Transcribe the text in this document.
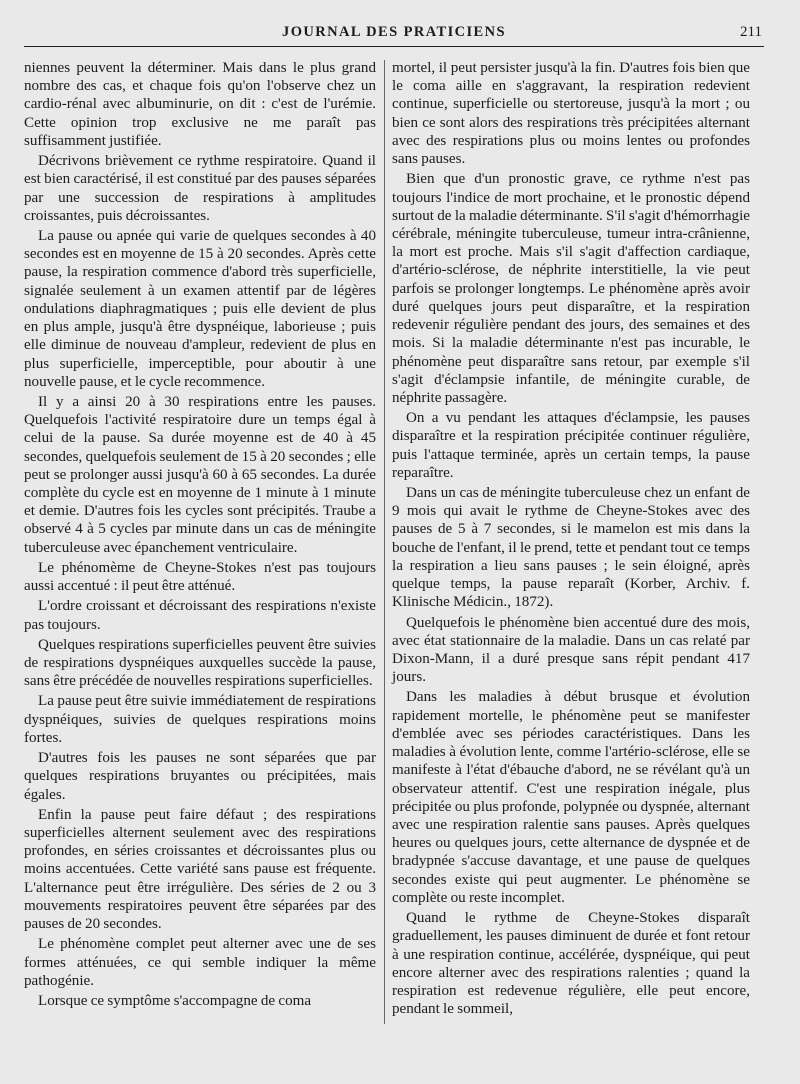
JOURNAL DES PRATICIENS	211

niennes peuvent la déterminer. Mais dans le plus grand nombre des cas, et chaque fois qu'on l'observe chez un cardio-rénal avec albuminurie, on dit : c'est de l'urémie. Cette opinion trop exclusive ne me paraît pas suffisamment justifiée.

Décrivons brièvement ce rythme respiratoire. Quand il est bien caractérisé, il est constitué par des pauses séparées par une succession de respirations à amplitudes croissantes, puis décroissantes.

La pause ou apnée qui varie de quelques secondes à 40 secondes est en moyenne de 15 à 20 secondes. Après cette pause, la respiration commence d'abord très superficielle, signalée seulement à un examen attentif par de légères ondulations diaphragmatiques ; puis elle devient de plus en plus ample, jusqu'à être dyspnéique, laborieuse ; puis elle diminue de nouveau d'ampleur, redevient de plus en plus superficielle, imperceptible, pour aboutir à une nouvelle pause, et le cycle recommence.

Il y a ainsi 20 à 30 respirations entre les pauses. Quelquefois l'activité respiratoire dure un temps égal à celui de la pause. Sa durée moyenne est de 40 à 45 secondes, quelquefois seulement de 15 à 20 secondes ; elle peut se prolonger aussi jusqu'à 60 à 65 secondes. La durée complète du cycle est en moyenne de 1 minute à 1 minute et demie. D'autres fois les cycles sont précipités. Traube a observé 4 à 5 cycles par minute dans un cas de méningite tuberculeuse avec épanchement ventriculaire.

Le phénomème de Cheyne-Stokes n'est pas toujours aussi accentué : il peut être atténué.

L'ordre croissant et décroissant des respirations n'existe pas toujours.

Quelques respirations superficielles peuvent être suivies de respirations dyspnéiques auxquelles succède la pause, sans être précédée de nouvelles respirations superficielles.

La pause peut être suivie immédiatement de respirations dyspnéiques, suivies de quelques respirations moins fortes.

D'autres fois les pauses ne sont séparées que par quelques respirations bruyantes ou précipitées, mais égales.

Enfin la pause peut faire défaut ; des respirations superficielles alternent seulement avec des respirations profondes, en séries croissantes et décroissantes plus ou moins accentuées. Cette variété sans pause est fréquente. L'alternance peut être irrégulière. Des séries de 2 ou 3 mouvements respiratoires peuvent être séparées par des pauses de 20 secondes.

Le phénomène complet peut alterner avec une de ses formes atténuées, ce qui semble indiquer la même pathogénie.

Lorsque ce symptôme s'accompagne de coma

mortel, il peut persister jusqu'à la fin. D'autres fois bien que le coma aille en s'aggravant, la respiration redevient continue, superficielle ou stertoreuse, jusqu'à la mort ; ou bien ce sont alors des respirations très précipitées alternant avec des respirations plus ou moins lentes ou profondes sans pauses.

Bien que d'un pronostic grave, ce rythme n'est pas toujours l'indice de mort prochaine, et le pronostic dépend surtout de la maladie déterminante. S'il s'agit d'hémorrhagie cérébrale, méningite tuberculeuse, tumeur intra-crânienne, la mort est proche. Mais s'il s'agit d'affection cardiaque, d'artério-sclérose, de néphrite interstitielle, la vie peut parfois se prolonger longtemps. Le phénomène après avoir duré quelques jours peut disparaître, et la respiration redevenir régulière pendant des jours, des semaines et des mois. Si la maladie déterminante n'est pas incurable, le phénomène peut disparaître sans retour, par exemple s'il s'agit d'éclampsie infantile, de méningite curable, de néphrite passagère.

On a vu pendant les attaques d'éclampsie, les pauses disparaître et la respiration précipitée continuer régulière, puis l'attaque terminée, après un certain temps, la pause reparaître.

Dans un cas de méningite tuberculeuse chez un enfant de 9 mois qui avait le rythme de Cheyne-Stokes avec des pauses de 5 à 7 secondes, si le mamelon est mis dans la bouche de l'enfant, il le prend, tette et pendant tout ce temps la respiration a lieu sans pauses ; le sein éloigné, après quelque temps, la pause reparaît (Korber, Archiv. f. Klinische Médicin., 1872).

Quelquefois le phénomène bien accentué dure des mois, avec état stationnaire de la maladie. Dans un cas relaté par Dixon-Mann, il a duré presque sans répit pendant 417 jours.

Dans les maladies à début brusque et évolution rapidement mortelle, le phénomène peut se manifester d'emblée avec ses périodes caractéristiques. Dans les maladies à évolution lente, comme l'artério-sclérose, elle se manifeste à l'état d'ébauche d'abord, ne se révélant qu'à un observateur attentif. C'est une respiration inégale, plus précipitée ou plus profonde, polypnée ou dyspnée, alternant avec une respiration ralentie sans pauses. Après quelques heures ou quelques jours, cette alternance de dyspnée et de bradypnée s'accuse davantage, et une pause de quelques secondes existe qui peut augmenter. Le phénomène se complète ou reste incomplet.

Quand le rythme de Cheyne-Stokes disparaît graduellement, les pauses diminuent de durée et font retour à une respiration continue, accélérée, dyspnéique, qui peut encore alterner avec des respirations ralenties ; quand la respiration est redevenue régulière, elle peut encore, pendant le sommeil,
